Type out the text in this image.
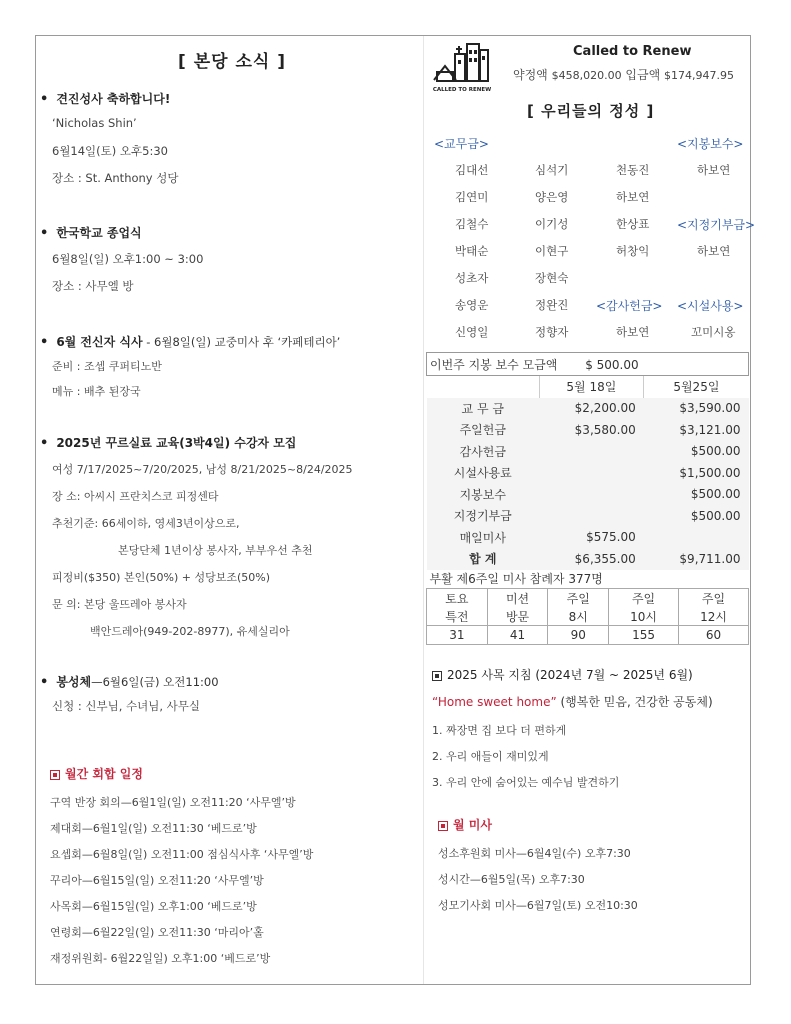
[ 본당 소식 ]
• 견진성사 축하합니다!
‘Nicholas Shin’
6월14일(토) 오후5:30
장소 : St. Anthony 성당
• 한국학교 종업식
6월8일(일) 오후1:00 ~ 3:00
장소 : 사무엘 방
• 6월 전신자 식사 - 6월8일(일) 교중미사 후 ‘카페테리아’
준비 : 조셉 쿠퍼티노반
메뉴 : 배추 된장국
• 2025년 꾸르실료 교육(3박4일) 수강자 모집
여성 7/17/2025~7/20/2025, 남성 8/21/2025~8/24/2025
장 소: 아씨시 프란치스코 피정센타
추천기준: 66세이하, 영세3년이상으로,
본당단체 1년이상 봉사자, 부부우선 추천
피정비($350) 본인(50%) + 성당보조(50%)
문 의: 본당 울뜨레아 봉사자
백안드레아(949-202-8977), 유세실리아
• 봉성체—6월6일(금) 오전11:00
신청 : 신부님, 수녀님, 사무실
월간 회합 일정
구역 반장 회의—6월1일(일) 오전11:20 ‘사무엘’방
제대회—6월1일(일) 오전11:30 ‘베드로’방
요셉회—6월8일(일) 오전11:00 점심식사후 ‘사무엘’방
꾸리아—6월15일(일) 오전11:20 ‘사무엘’방
사목회—6월15일(일) 오후1:00 ‘베드로’방
연령회—6월22일(일) 오전11:30 ‘마리아’홀
재정위원회- 6월22일일) 오후1:00 ‘베드로’방
CALLED TO RENEW
Called to Renew
약정액 $458,020.00 입금액 $174,947.95
[ 우리들의 정성 ]
<교무금>	<지봉보수>
김대선	심석기	천동진	하보연
김연미	양은영	하보연
김철수	이기성	한상표 <지정기부금>
박태순	이현구	허창익	하보연
성초자	장현숙
송영운	정완진 <감사헌금> <시설사용>
신영일	정향자	하보연	꼬미시옹
이번주 지봉 보수 모금액 $ 500.00		
	5월 18일	5월25일
교 무 금	$2,200.00	$3,590.00
주일헌금	$3,580.00	$3,121.00
감사헌금		$500.00
시설사용료		$1,500.00
지봉보수		$500.00
지정기부금		$500.00
매일미사	$575.00	
합 계	$6,355.00	$9,711.00
부활 제6주일 미사 참례자 377명				
토요	미션	주일	주일	주일
특전	방문	8시	10시	12시
31	41	90	155	60
2025 사목 지침 (2024년 7월 ~ 2025년 6월)
“Home sweet home” (행복한 믿음, 건강한 공동체)
1. 짜장면 집 보다 더 편하게
2. 우리 애들이 재미있게
3. 우리 안에 숨어있는 예수님 발견하기
월 미사
성소후원회 미사—6월4일(수) 오후7:30
성시간—6월5일(목) 오후7:30
성모기사회 미사—6월7일(토) 오전10:30
